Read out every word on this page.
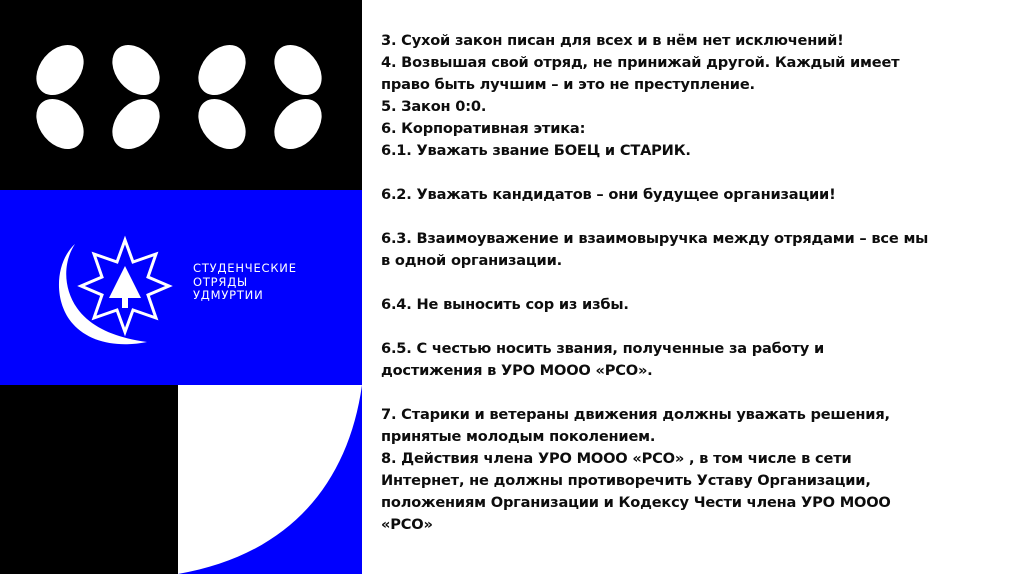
СТУДЕНЧЕСКИЕ
ОТРЯДЫ
УДМУРТИИ

3. Сухой закон писан для всех и в нём нет исключений!

4. Возвышая свой отряд, не принижай другой. Каждый имеет

право быть лучшим – и это не преступление.

5. Закон 0:0.

6. Корпоративная этика:

6.1. Уважать звание БОЕЦ и СТАРИК.

6.2. Уважать кандидатов – они будущее организации!

6.3. Взаимоуважение и взаимовыручка между отрядами – все мы

в одной организации.

6.4. Не выносить сор из избы.

6.5. С честью носить звания, полученные за работу и

достижения в УРО МООО «РСО».

7. Старики и ветераны движения должны уважать решения,

принятые молодым поколением.

8. Действия члена УРО МООО «РСО» , в том числе в сети

Интернет, не должны противоречить Уставу Организации,

положениям Организации и Кодексу Чести члена УРО МООО

«РСО»
